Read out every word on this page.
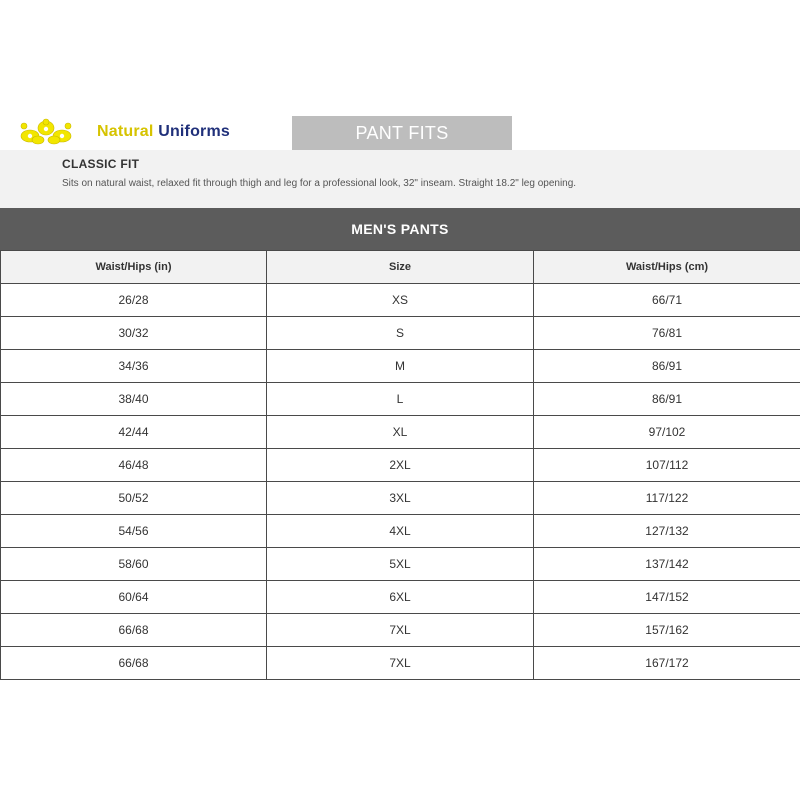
Natural Uniforms	PANT FITS
CLASSIC FIT
Sits on natural waist, relaxed fit through thigh and leg for a professional look, 32" inseam. Straight 18.2" leg opening.
MEN'S PANTS
Waist/Hips (in)	Size	Waist/Hips (cm)
26/28	XS	66/71
30/32	S	76/81
34/36	M	86/91
38/40	L	86/91
42/44	XL	97/102
46/48	2XL	107/112
50/52	3XL	117/122
54/56	4XL	127/132
58/60	5XL	137/142
60/64	6XL	147/152
66/68	7XL	157/162
66/68	7XL	167/172
